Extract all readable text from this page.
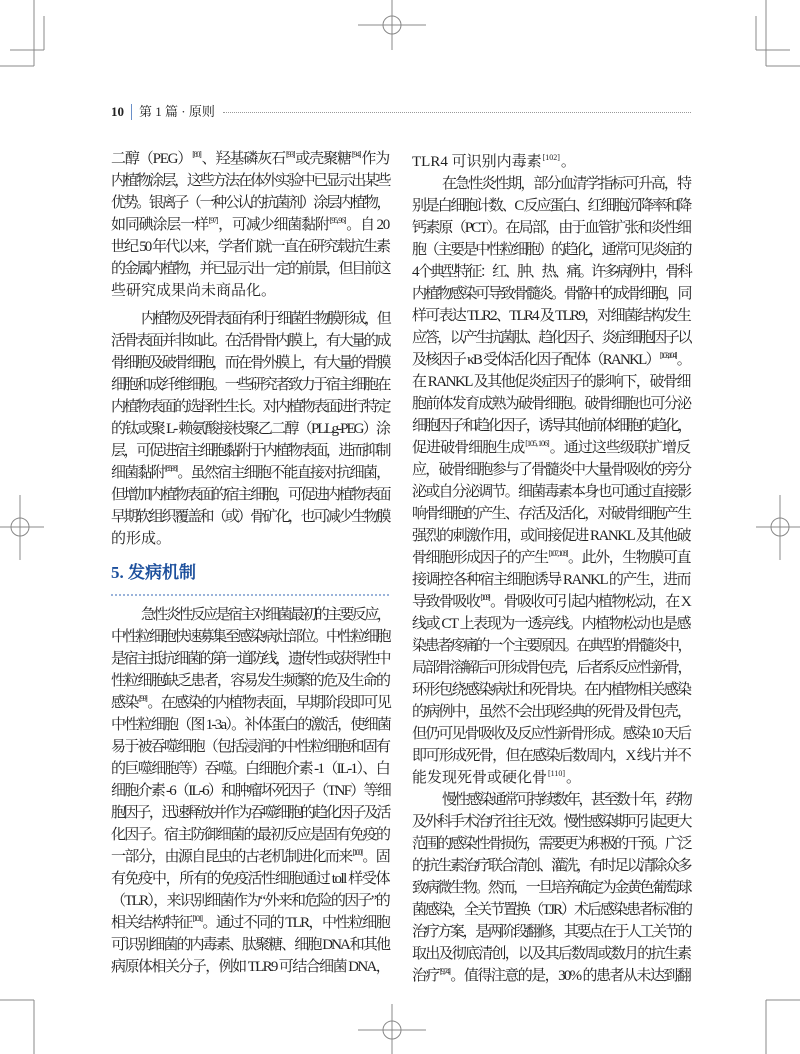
10 第 1 篇 · 原则
二醇（PEG）[80]、羟基磷灰石[93]或壳聚糖[94]作为
内植物涂层，这些方法在体外实验中已显示出某些
优势。银离子（一种公认的抗菌剂）涂层内植物，
如同碘涂层一样[97]，可减少细菌黏附[95, 96]。自 20
世纪 50 年代以来，学者们就一直在研究载抗生素
的金属内植物，并已显示出一定的前景，但目前这
些研究成果尚未商品化。
内植物及死骨表面有利于细菌生物膜形成，但
活骨表面并非如此。在活骨骨内膜上，有大量的成
骨细胞及破骨细胞，而在骨外膜上，有大量的骨膜
细胞和成纤维细胞。一些研究者致力于宿主细胞在
内植物表面的选择性生长。对内植物表面进行特定
的钛或聚 L- 赖氨酸接枝聚乙二醇（PLLg-PEG）涂
层，可促进宿主细胞黏附于内植物表面，进而抑制
细菌黏附[85, 98]。虽然宿主细胞不能直接对抗细菌，
但增加内植物表面的宿主细胞，可促进内植物表面
早期软组织覆盖和（或）骨矿化，也可减少生物膜
的形成。
急性炎性反应是宿主对细菌最初的主要反应，
中性粒细胞快速募集至感染病灶部位。中性粒细胞
是宿主抵抗细菌的第一道防线，遗传性或获得性中
性粒细胞缺乏患者，容易发生频繁的危及生命的
感染[99]。在感染的内植物表面，早期阶段即可见
中性粒细胞（图 1-3a）。补体蛋白的激活，使细菌
易于被吞噬细胞（包括浸润的中性粒细胞和固有
的巨噬细胞等）吞噬。白细胞介素 -1（IL-1）、白
细胞介素 -6（IL-6）和肿瘤坏死因子（TNF）等细
胞因子，迅速释放并作为吞噬细胞的趋化因子及活
化因子。宿主防御细菌的最初反应是固有免疫的
一部分，由源自昆虫的古老机制进化而来[100]。固
有免疫中，所有的免疫活性细胞通过 toll 样受体
（TLR），来识别细菌作为“外来和危险的因子”的
相关结构特征[101]。通过不同的 TLR，中性粒细胞
可识别细菌的内毒素、肽聚糖、细胞 DNA 和其他
病原体相关分子，例如 TLR9 可结合细菌 DNA，
TLR4 可识别内毒素[102]。
在急性炎性期，部分血清学指标可升高，特
别是白细胞计数、C 反应蛋白、红细胞沉降率和降
钙素原（PCT）。在局部，由于血管扩张和炎性细
胞（主要是中性粒细胞）的趋化，通常可见炎症的
4 个典型特征：红、肿、热、痛。许多病例中，骨科
内植物感染可导致骨髓炎。骨骼中的成骨细胞，同
样可表达 TLR2、TLR4 及 TLR9，对细菌结构发生
应答，以产生抗菌肽、趋化因子、炎症细胞因子以
及核因子 κB 受体活化因子配体（RANKL）[103, 104]。
在 RANKL 及其他促炎症因子的影响下，破骨细
胞前体发育成熟为破骨细胞。破骨细胞也可分泌
细胞因子和趋化因子，诱导其他前体细胞的趋化，
促进破骨细胞生成[105, 106]。通过这些级联扩增反
应，破骨细胞参与了骨髓炎中大量骨吸收的旁分
泌或自分泌调节。细菌毒素本身也可通过直接影
响骨细胞的产生、存活及活化，对破骨细胞产生
强烈的刺激作用，或间接促进 RANKL 及其他破
骨细胞形成因子的产生[107, 108]。此外，生物膜可直
接调控各种宿主细胞诱导 RANKL 的产生，进而
导致骨吸收[109]。骨吸收可引起内植物松动，在 X
线或 CT 上表现为一透亮线。内植物松动也是感
染患者疼痛的一个主要原因。在典型的骨髓炎中，
局部骨溶解后可形成骨包壳，后者系反应性新骨，
环形包绕感染病灶和死骨块。在内植物相关感染
的病例中，虽然不会出现经典的死骨及骨包壳，
但仍可见骨吸收及反应性新骨形成。感染 10 天后
即可形成死骨，但在感染后数周内，X 线片并不
能发现死骨或硬化骨[110]。
慢性感染通常可持续数年，甚至数十年，药物
及外科手术治疗往往无效。慢性感染期可引起更大
范围的感染性骨损伤，需要更为积极的干预。广泛
的抗生素治疗联合清创、灌洗，有时足以清除众多
致病微生物。然而，一旦培养确定为金黄色葡萄球
菌感染，全关节置换（TJR）术后感染患者标准的
治疗方案，是两阶段翻修，其要点在于人工关节的
取出及彻底清创，以及其后数周或数月的抗生素
治疗[9, 74]。值得注意的是，30% 的患者从未达到翻
5. 发病机制
